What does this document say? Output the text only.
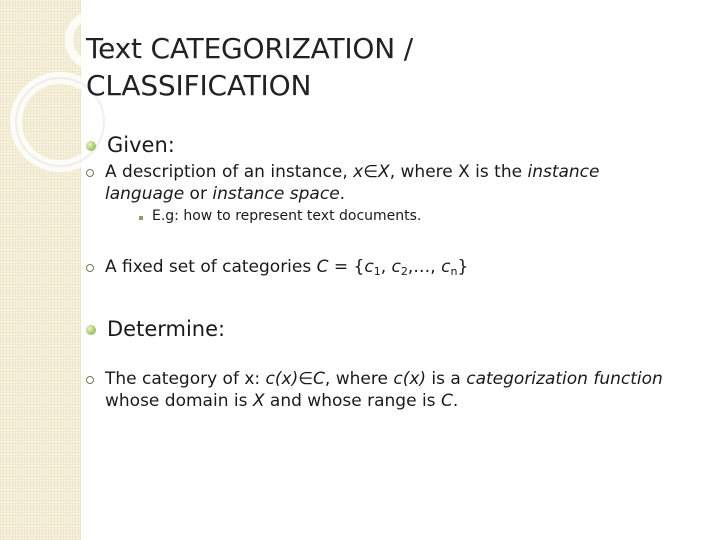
Text CATEGORIZATION /
CLASSIFICATION
Given:
A description of an instance, x∈X, where X is the instance
language or instance space.
E.g: how to represent text documents.
A fixed set of categories $C = \{c_1$, $c_2,\dots$, $c_n$}
Determine:
The category of x: c(x)∈C, where c(x) is a categorization function
whose domain is X and whose range is C.
